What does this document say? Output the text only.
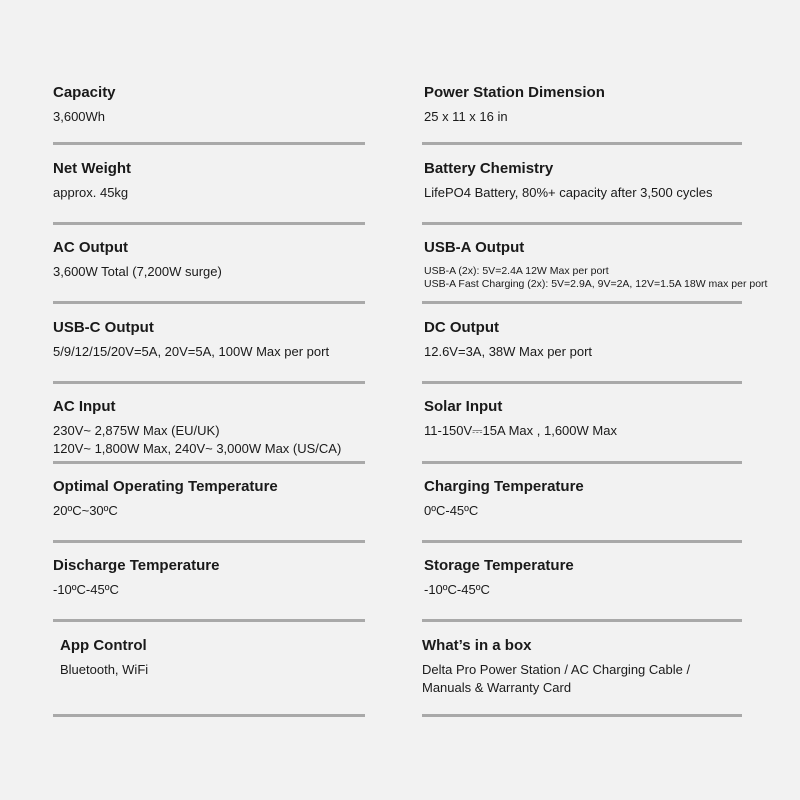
Capacity
3,600Wh
Power Station Dimension
25 x 11 x 16 in
Net Weight
approx. 45kg
Battery Chemistry
LifePO4 Battery, 80%+ capacity after 3,500 cycles
AC Output
3,600W Total (7,200W surge)
USB-A Output
USB-A (2x): 5V=2.4A 12W Max per port
USB-A Fast Charging (2x): 5V=2.9A, 9V=2A, 12V=1.5A 18W max per port
USB-C Output
5/9/12/15/20V=5A, 20V=5A, 100W Max per port
DC Output
12.6V=3A, 38W Max per port
AC Input
230V~ 2,875W Max (EU/UK)
120V~ 1,800W Max, 240V~ 3,000W Max (US/CA)
Solar Input
11-150V⎓15A Max , 1,600W Max
Optimal Operating Temperature
20ºC~30ºC
Charging Temperature
0ºC-45ºC
Discharge Temperature
-10ºC-45ºC
Storage Temperature
-10ºC-45ºC
App Control
Bluetooth, WiFi
What’s in a box
Delta Pro Power Station / AC Charging Cable /
Manuals & Warranty Card
